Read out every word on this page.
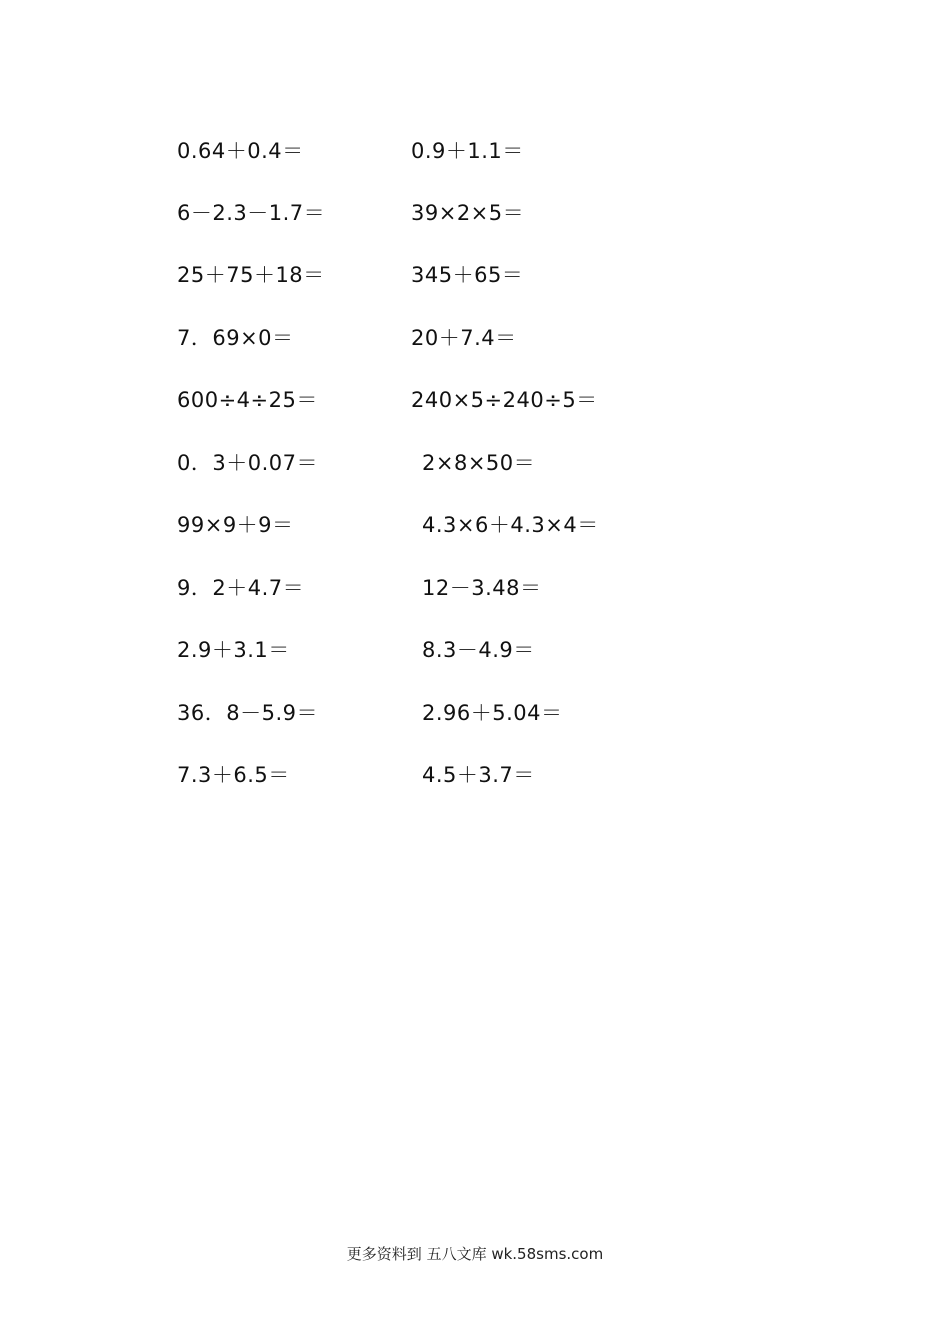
0.64＋0.4＝	0.9＋1.1＝
6－2.3－1.7＝	39×2×5＝
25＋75＋18＝	345＋65＝
7．69×0＝	20＋7.4＝
600÷4÷25＝	240×5÷240÷5＝
0．3＋0.07＝	2×8×50＝
99×9＋9＝	4.3×6＋4.3×4＝
9．2＋4.7＝	12－3.48＝
2.9＋3.1＝	8.3－4.9＝
36．8－5.9＝	2.96＋5.04＝
7.3＋6.5＝	4.5＋3.7＝
更多资料到 五八文库 wk.58sms.com
